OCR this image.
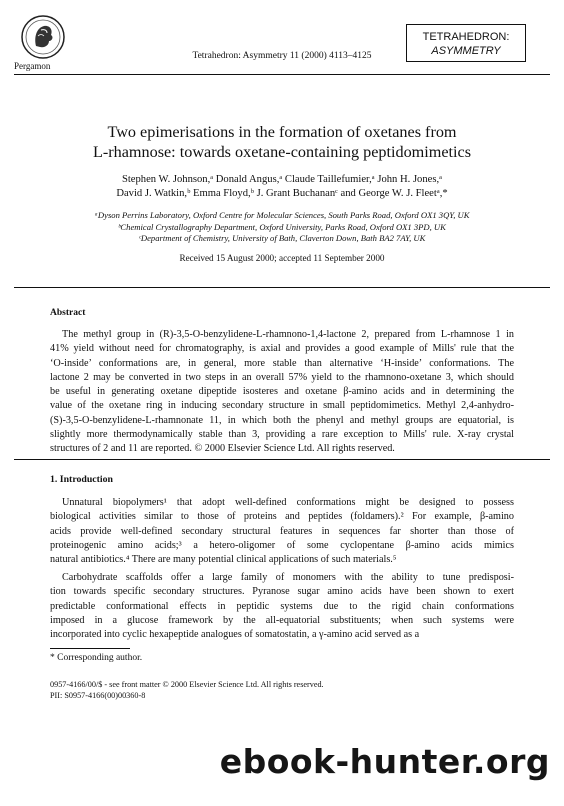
Pergamon
Tetrahedron: Asymmetry 11 (2000) 4113–4125
TETRAHEDRON:
ASYMMETRY
Two epimerisations in the formation of oxetanes from
L-rhamnose: towards oxetane-containing peptidomimetics
Stephen W. Johnson,ᵃ Donald Angus,ᵃ Claude Taillefumier,ᵃ John H. Jones,ᵃ
David J. Watkin,ᵇ Emma Floyd,ᵇ J. Grant Buchananᶜ and George W. J. Fleetᵃ,*
ᵃDyson Perrins Laboratory, Oxford Centre for Molecular Sciences, South Parks Road, Oxford OX1 3QY, UK
ᵇChemical Crystallography Department, Oxford University, Parks Road, Oxford OX1 3PD, UK
ᶜDepartment of Chemistry, University of Bath, Claverton Down, Bath BA2 7AY, UK
Received 15 August 2000; accepted 11 September 2000
Abstract
The methyl group in (R)-3,5-O-benzylidene-L-rhamnono-1,4-lactone 2, prepared from L-rhamnose 1 in
41% yield without need for chromatography, is axial and provides a good example of Mills' rule that the
‘O-inside’ conformations are, in general, more stable than alternative ‘H-inside’ conformations. The
lactone 2 may be converted in two steps in an overall 57% yield to the rhamnono-oxetane 3, which should
be useful in generating oxetane dipeptide isosteres and oxetane β-amino acids and in determining the
value of the oxetane ring in inducing secondary structure in small peptidomimetics. Methyl 2,4-anhydro-
(S)-3,5-O-benzylidene-L-rhamnonate 11, in which both the phenyl and methyl groups are equatorial, is
slightly more thermodynamically stable than 3, providing a rare exception to Mills' rule. X-ray crystal
structures of 2 and 11 are reported. © 2000 Elsevier Science Ltd. All rights reserved.
1. Introduction
Unnatural biopolymers¹ that adopt well-defined conformations might be designed to possess
biological activities similar to those of proteins and peptides (foldamers).² For example, β-amino
acids provide well-defined secondary structural features in sequences far shorter than those of
proteinogenic amino acids;³ a hetero-oligomer of some cyclopentane β-amino acids mimics
natural antibiotics.⁴ There are many potential clinical applications of such materials.⁵
Carbohydrate scaffolds offer a large family of monomers with the ability to tune predisposi-
tion towards specific secondary structures. Pyranose sugar amino acids have been shown to exert
predictable conformational effects in peptidic systems due to the rigid chain conformations
imposed in a glucose framework by the all-equatorial substituents; when such systems were
incorporated into cyclic hexapeptide analogues of somatostatin, a γ-amino acid served as a
* Corresponding author.
0957-4166/00/$ - see front matter © 2000 Elsevier Science Ltd. All rights reserved.
PII: S0957-4166(00)00360-8
ebook-hunter.org
